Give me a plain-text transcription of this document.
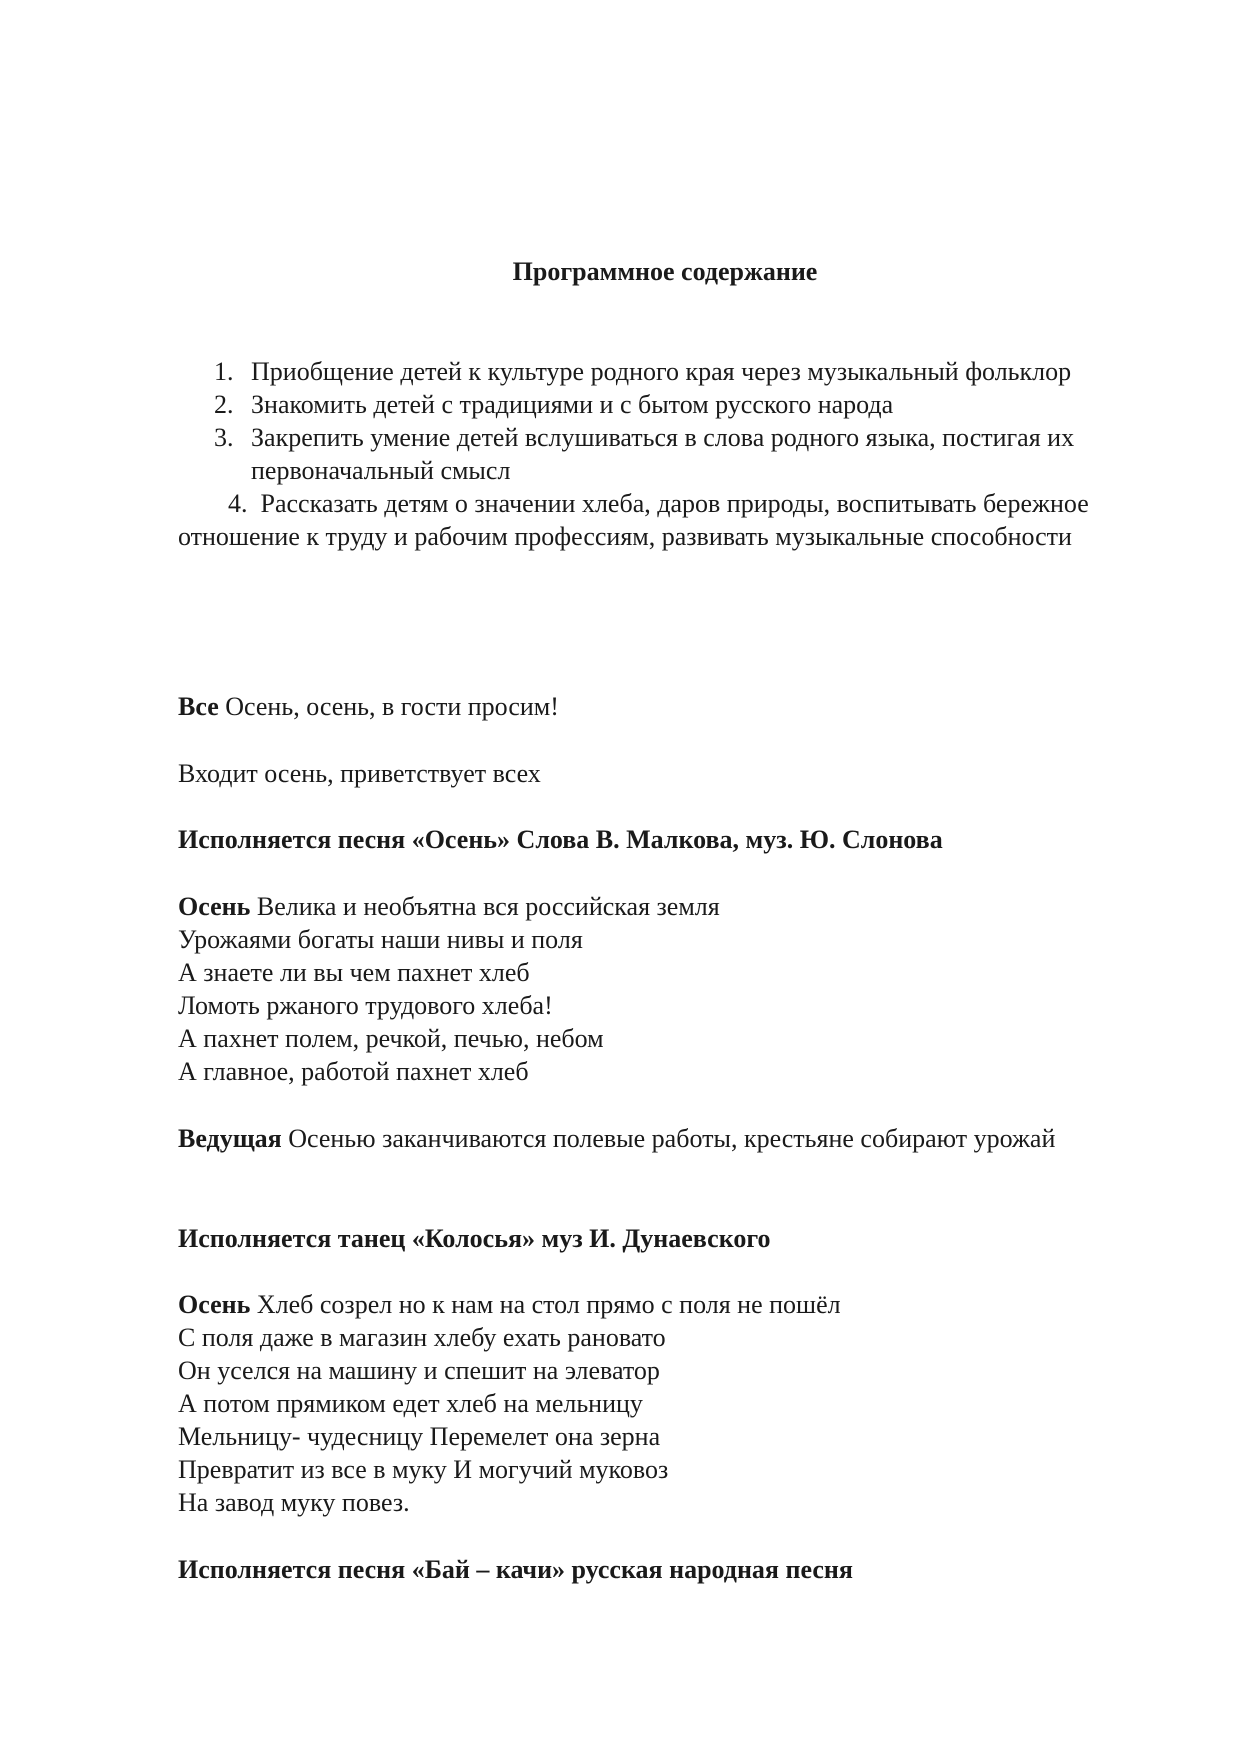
Программное содержание
1. Приобщение детей к культуре родного края через музыкальный фольклор
2. Знакомить детей с традициями и с бытом русского народа
3. Закрепить умение детей вслушиваться в слова родного языка, постигая их первоначальный смысл
4. Рассказать детям о значении хлеба, даров природы, воспитывать бережное отношение к труду и рабочим профессиям, развивать музыкальные способности
Все Осень, осень, в гости просим!
Входит осень, приветствует всех
Исполняется песня «Осень» Слова В. Малкова, муз. Ю. Слонова
Осень Велика и необъятна вся российская земля
Урожаями богаты наши нивы и поля
А знаете ли вы чем пахнет хлеб
Ломоть ржаного трудового хлеба!
А пахнет полем, речкой, печью, небом
А главное, работой пахнет хлеб
Ведущая Осенью заканчиваются полевые работы, крестьяне собирают урожай
Исполняется танец «Колосья» муз И. Дунаевского
Осень Хлеб созрел но к нам на стол прямо с поля не пошёл
С поля даже в магазин хлебу ехать рановато
Он уселся на машину и спешит на элеватор
А потом прямиком едет хлеб на мельницу
Мельницу- чудесницу Перемелет она зерна
Превратит из все в муку И могучий муковоз
На завод муку повез.
Исполняется песня «Бай – качи» русская народная песня
